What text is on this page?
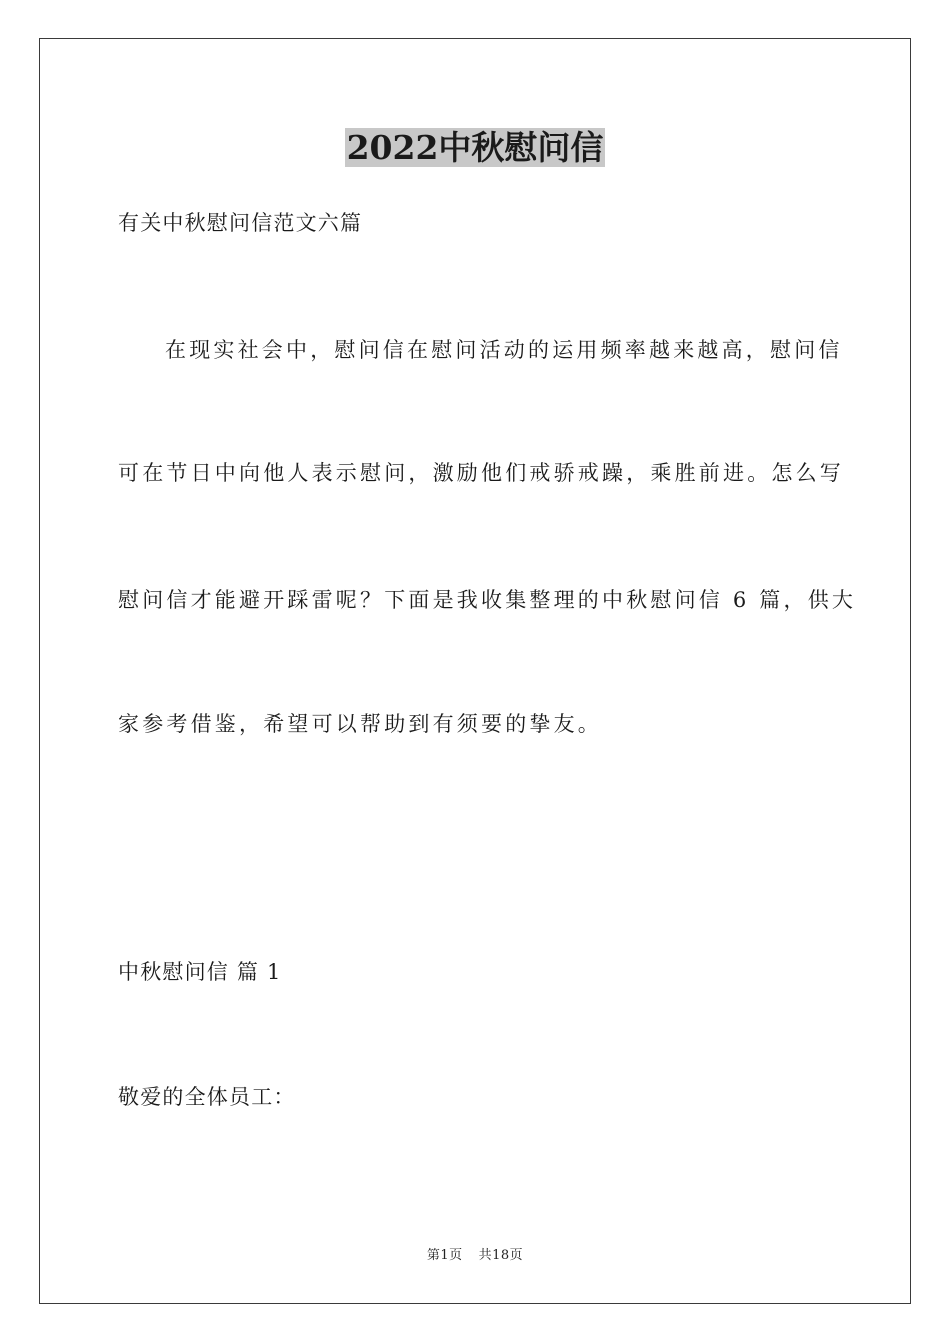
2022中秋慰问信
有关中秋慰问信范文六篇
在现实社会中，慰问信在慰问活动的运用频率越来越高，慰问信
可在节日中向他人表示慰问，激励他们戒骄戒躁，乘胜前进。怎么写
慰问信才能避开踩雷呢？下面是我收集整理的中秋慰问信 6 篇，供大
家参考借鉴，希望可以帮助到有须要的挚友。
中秋慰问信 篇 1
敬爱的全体员工：
第1页 共18页
